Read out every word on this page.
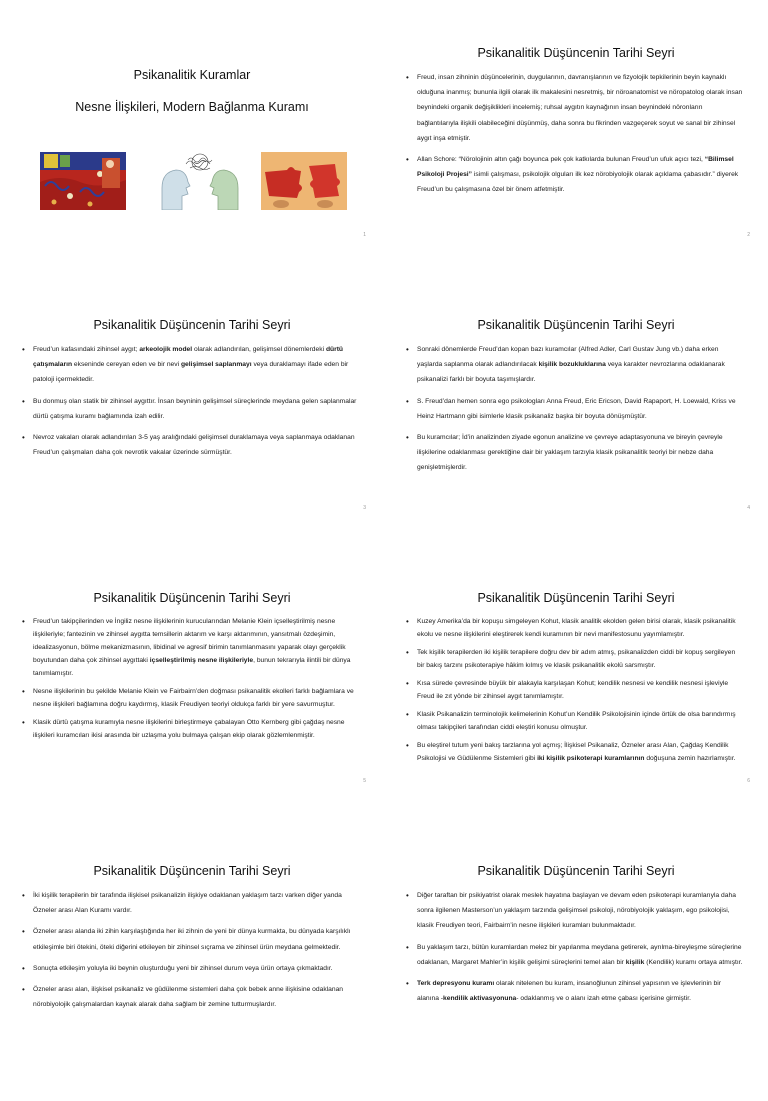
Psikanalitik Kuramlar
Nesne İlişkileri, Modern Bağlanma Kuramı
1
Psikanalitik Düşüncenin Tarihi Seyri
• Freud, insan zihninin düşüncelerinin, duygularının, davranışlarının ve fizyolojik tepkilerinin beyin kaynaklı olduğuna inanmış; bununla ilgili olarak ilk makalesini nesretmiş, bir nöroanatomist ve nöropatolog olarak insan beynindeki organik değişiklikleri incelemiş; ruhsal aygıtın kaynağının insan beynindeki nöronların bağlantılarıyla ilişkili olabileceğini düşünmüş, daha sonra bu fikrinden vazgeçerek soyut ve sanal bir zihinsel aygıt inşa etmiştir.
• Allan Schore: “Nörolojinin altın çağı boyunca pek çok katkılarda bulunan Freud’un ufuk açıcı tezi, “Bilimsel Psikoloji Projesi” isimli çalışması, psikolojik olguları ilk kez nörobiyolojik olarak açıklama çabasıdır.” diyerek Freud’un bu çalışmasına özel bir önem atfetmiştir.
2
Psikanalitik Düşüncenin Tarihi Seyri
• Freud’un kafasındaki zihinsel aygıt; arkeolojik model olarak adlandırılan, gelişimsel dönemlerdeki dürtü çatışmaların ekseninde cereyan eden ve bir nevi gelişimsel saplanmayı veya duraklamayı ifade eden bir patoloji içermektedir.
• Bu donmuş olan statik bir zihinsel aygıttır. İnsan beyninin gelişimsel süreçlerinde meydana gelen saplanmalar dürtü çatışma kuramı bağlamında izah edilir.
• Nevroz vakaları olarak adlandırılan 3-5 yaş aralığındaki gelişimsel duraklamaya veya saplanmaya odaklanan Freud’un çalışmaları daha çok nevrotik vakalar üzerinde sürmüştür.
3
Psikanalitik Düşüncenin Tarihi Seyri
• Sonraki dönemlerde Freud’dan kopan bazı kuramcılar (Alfred Adler, Carl Gustav Jung vb.) daha erken yaşlarda saplanma olarak adlandırılacak kişilik bozukluklarına veya karakter nevrozlarına odaklanarak psikanalizi farklı bir boyuta taşımışlardır.
• S. Freud’dan hemen sonra ego psikologları Anna Freud, Eric Ericson, David Rapaport, H. Loewald, Kriss ve Heinz Hartmann gibi isimlerle klasik psikanaliz başka bir boyuta dönüşmüştür.
• Bu kuramcılar; İd’in analizinden ziyade egonun analizine ve çevreye adaptasyonuna ve bireyin çevreyle ilişkilerine odaklanması gerektiğine dair bir yaklaşım tarzıyla klasik psikanalitik teoriyi bir nebze daha genişletmişlerdir.
4
Psikanalitik Düşüncenin Tarihi Seyri
• Freud’un takipçilerinden ve İngiliz nesne ilişkilerinin kurucularından Melanie Klein içselleştirilmiş nesne ilişkileriyle; fantezinin ve zihinsel aygıtta temsillerin aktarım ve karşı aktarımının, yansıtmalı özdeşimin, idealizasyonun, bölme mekanizmasının, libidinal ve agresif birimin tanımlanmasını yaparak olayı gerçeklik boyutundan daha çok zihinsel aygıttaki içselleştirilmiş nesne ilişkileriyle, bunun tekrarıyla ilintili bir dünya tanımlamıştır.
• Nesne ilişkilerinin bu şekilde Melanie Klein ve Fairbairn’den doğması psikanalitik ekolleri farklı bağlamlara ve nesne ilişkileri bağlamına doğru kaydırmış, klasik Freudiyen teoriyi oldukça farklı bir yere savurmuştur.
• Klasik dürtü çatışma kuramıyla nesne ilişkilerini birleştirmeye çabalayan Otto Kernberg gibi çağdaş nesne ilişkileri kuramcıları ikisi arasında bir uzlaşma yolu bulmaya çalışan ekip olarak gözlemlenmiştir.
5
Psikanalitik Düşüncenin Tarihi Seyri
• Kuzey Amerika’da bir kopuşu simgeleyen Kohut, klasik analitik ekolden gelen birisi olarak, klasik psikanalitik ekolu ve nesne ilişkilerini eleştirerek kendi kuramının bir nevi manifestosunu yayımlamıştır.
• Tek kişilik terapilerden iki kişilik terapilere doğru dev bir adım atmış, psikanalizden ciddi bir kopuş sergileyen bir bakış tarzını psikoterapiye hâkim kılmış ve klasik psikanalitik ekolü sarsmıştır.
• Kısa sürede çevresinde büyük bir alakayla karşılaşan Kohut; kendilik nesnesi ve kendilik nesnesi işleviyle Freud ile zıt yönde bir zihinsel aygıt tanımlamıştır.
• Klasik Psikanalizin terminolojik kelimelerinin Kohut’un Kendilik Psikolojisinin içinde örtük de olsa barındırmış olması takipçileri tarafından ciddi eleştiri konusu olmuştur.
• Bu eleştirel tutum yeni bakış tarzlarına yol açmış; İlişkisel Psikanaliz, Özneler arası Alan, Çağdaş Kendilik Psikolojisi ve Güdülenme Sistemleri gibi iki kişilik psikoterapi kuramlarının doğuşuna zemin hazırlamıştır.
6
Psikanalitik Düşüncenin Tarihi Seyri
• İki kişilik terapilerin bir tarafında ilişkisel psikanalizin ilişkiye odaklanan yaklaşım tarzı varken diğer yanda Özneler arası Alan Kuramı vardır.
• Özneler arası alanda iki zihin karşılaştığında her iki zihnin de yeni bir dünya kurmakta, bu dünyada karşılıklı etkileşimle biri ötekini, öteki diğerini etkileyen bir zihinsel sıçrama ve zihinsel ürün meydana gelmektedir.
• Sonuçta etkileşim yoluyla iki beynin oluşturduğu yeni bir zihinsel durum veya ürün ortaya çıkmaktadır.
• Özneler arası alan, ilişkisel psikanaliz ve güdülenme sistemleri daha çok bebek anne ilişkisine odaklanan nörobiyolojik çalışmalardan kaynak alarak daha sağlam bir zemine tutturmuşlardır.
Psikanalitik Düşüncenin Tarihi Seyri
• Diğer taraftan bir psikiyatrist olarak meslek hayatına başlayan ve devam eden psikoterapi kuramlarıyla daha sonra ilgilenen Masterson’un yaklaşım tarzında gelişimsel psikoloji, nörobiyolojik yaklaşım, ego psikolojisi, klasik Freudiyen teori, Fairbairn’in nesne ilişkileri kuramları bulunmaktadır.
• Bu yaklaşım tarzı, bütün kuramlardan melez bir yapılanma meydana getirerek, ayrılma-bireyleşme süreçlerine odaklanan, Margaret Mahler’in kişilik gelişimi süreçlerini temel alan bir kişilik (Kendilik) kuramı ortaya atmıştır.
• Terk depresyonu kuramı olarak nitelenen bu kuram, insanoğlunun zihinsel yapısının ve işlevlerinin bir alanına -kendilik aktivasyonuna- odaklanmış ve o alanı izah etme çabası içerisine girmiştir.
